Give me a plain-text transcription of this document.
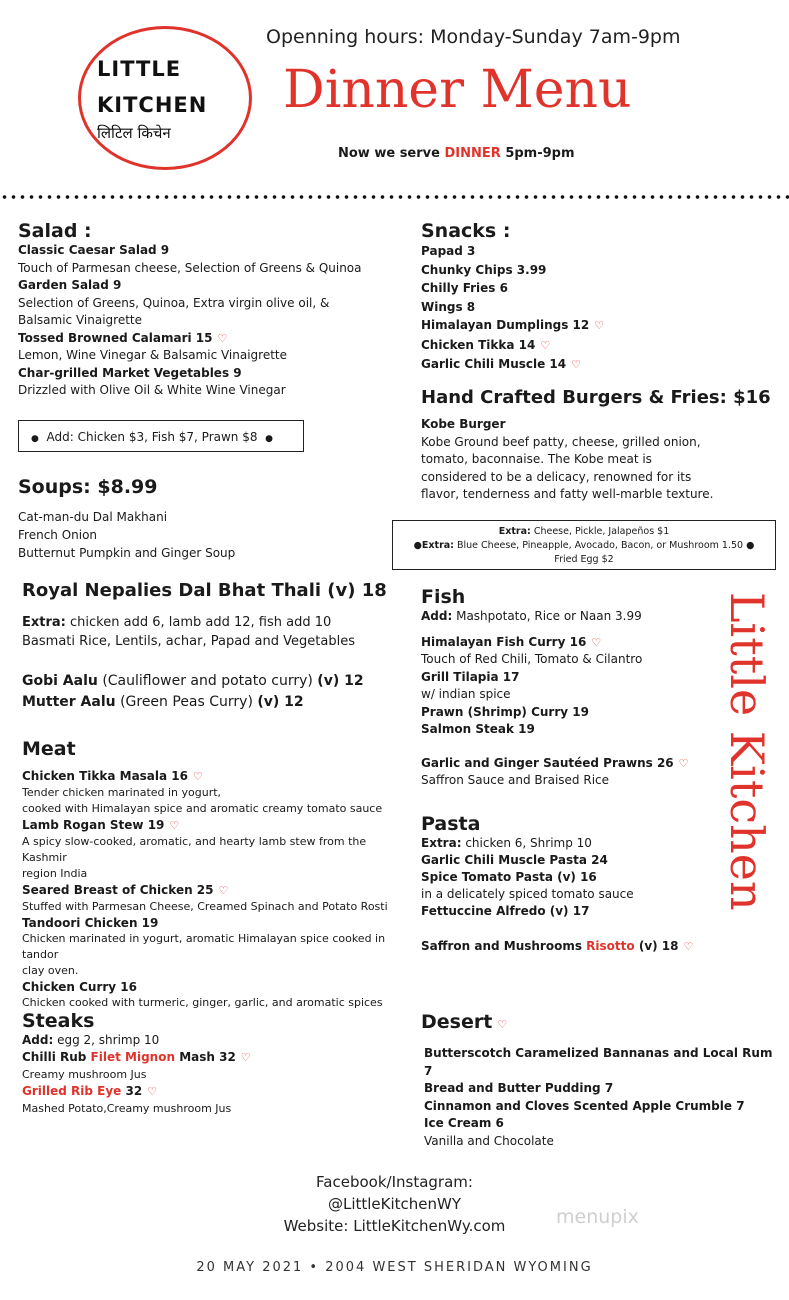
LITTLE
KITCHEN
लिटिल किचेन
Openning hours: Monday-Sunday 7am-9pm
Dinner Menu
Now we serve DINNER 5pm-9pm
Salad :
Classic Caesar Salad 9
Touch of Parmesan cheese, Selection of Greens & Quinoa
Garden Salad 9
Selection of Greens, Quinoa, Extra virgin olive oil, &
Balsamic Vinaigrette
Tossed Browned Calamari 15 ♡
Lemon, Wine Vinegar & Balsamic Vinaigrette
Char-grilled Market Vegetables 9
Drizzled with Olive Oil & White Wine Vinegar
● Add: Chicken $3, Fish $7, Prawn $8 ●
Soups: $8.99
Cat-man-du Dal Makhani
French Onion
Butternut Pumpkin and Ginger Soup
Royal Nepalies Dal Bhat Thali (v) 18
Extra: chicken add 6, lamb add 12, fish add 10
Basmati Rice, Lentils, achar, Papad and Vegetables
Gobi Aalu (Cauliflower and potato curry) (v) 12
Mutter Aalu (Green Peas Curry) (v) 12
Meat
Chicken Tikka Masala 16 ♡
Tender chicken marinated in yogurt,
cooked with Himalayan spice and aromatic creamy tomato sauce
Lamb Rogan Stew 19 ♡
A spicy slow-cooked, aromatic, and hearty lamb stew from the Kashmir
region India
Seared Breast of Chicken 25 ♡
Stuffed with Parmesan Cheese, Creamed Spinach and Potato Rosti
Tandoori Chicken 19
Chicken marinated in yogurt, aromatic Himalayan spice cooked in tandor
clay oven.
Chicken Curry 16
Chicken cooked with turmeric, ginger, garlic, and aromatic spices
Steaks
Add: egg 2, shrimp 10
Chilli Rub Filet Mignon Mash 32 ♡
Creamy mushroom Jus
Grilled Rib Eye 32 ♡
Mashed Potato,Creamy mushroom Jus
Snacks :
Papad 3
Chunky Chips 3.99
Chilly Fries 6
Wings 8
Himalayan Dumplings 12 ♡
Chicken Tikka 14 ♡
Garlic Chili Muscle 14 ♡
Hand Crafted Burgers & Fries: $16
Kobe Burger
Kobe Ground beef patty, cheese, grilled onion,
tomato, baconnaise. The Kobe meat is
considered to be a delicacy, renowned for its
flavor, tenderness and fatty well-marble texture.
Extra: Cheese, Pickle, Jalapeños $1
●Extra: Blue Cheese, Pineapple, Avocado, Bacon, or Mushroom 1.50 ●
Fried Egg $2
Fish
Add: Mashpotato, Rice or Naan 3.99
Himalayan Fish Curry 16 ♡
Touch of Red Chili, Tomato & Cilantro
Grill Tilapia 17
w/ indian spice
Prawn (Shrimp) Curry 19
Salmon Steak 19
Garlic and Ginger Sautéed Prawns 26 ♡
Saffron Sauce and Braised Rice
Pasta
Extra: chicken 6, Shrimp 10
Garlic Chili Muscle Pasta 24
Spice Tomato Pasta (v) 16
in a delicately spiced tomato sauce
Fettuccine Alfredo (v) 17
Saffron and Mushrooms Risotto (v) 18 ♡
Little Kitchen
Desert ♡
Butterscotch Caramelized Bannanas and Local Rum 7
Bread and Butter Pudding 7
Cinnamon and Cloves Scented Apple Crumble 7
Ice Cream 6
Vanilla and Chocolate
Facebook/Instagram:
@LittleKitchenWY
Website: LittleKitchenWy.com	menupix
20 MAY 2021 • 2004 WEST SHERIDAN WYOMING
